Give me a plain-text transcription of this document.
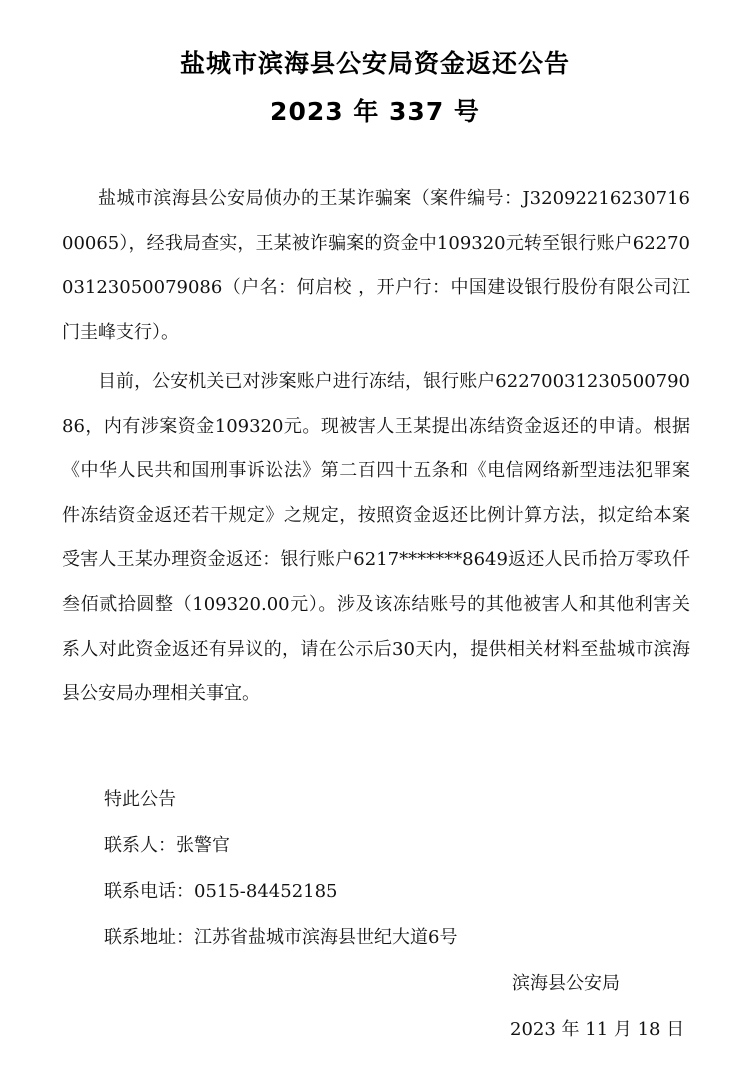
盐城市滨海县公安局资金返还公告
2023 年 337 号

盐城市滨海县公安局侦办的王某诈骗案（案件编号：J3209221623071600065），经我局查实，王某被诈骗案的资金中109320元转至银行账户6227003123050079086（户名：何启校 ，开户行：中国建设银行股份有限公司江门圭峰支行）。

目前，公安机关已对涉案账户进行冻结，银行账户6227003123050079086，内有涉案资金109320元。现被害人王某提出冻结资金返还的申请。根据《中华人民共和国刑事诉讼法》第二百四十五条和《电信网络新型违法犯罪案件冻结资金返还若干规定》之规定，按照资金返还比例计算方法，拟定给本案受害人王某办理资金返还：银行账户6217*******8649返还人民币拾万零玖仟叁佰贰拾圆整（109320.00元）。涉及该冻结账号的其他被害人和其他利害关系人对此资金返还有异议的，请在公示后30天内，提供相关材料至盐城市滨海县公安局办理相关事宜。

特此公告
联系人：张警官
联系电话：0515-84452185
联系地址：江苏省盐城市滨海县世纪大道6号
滨海县公安局
2023 年 11 月 18 日
